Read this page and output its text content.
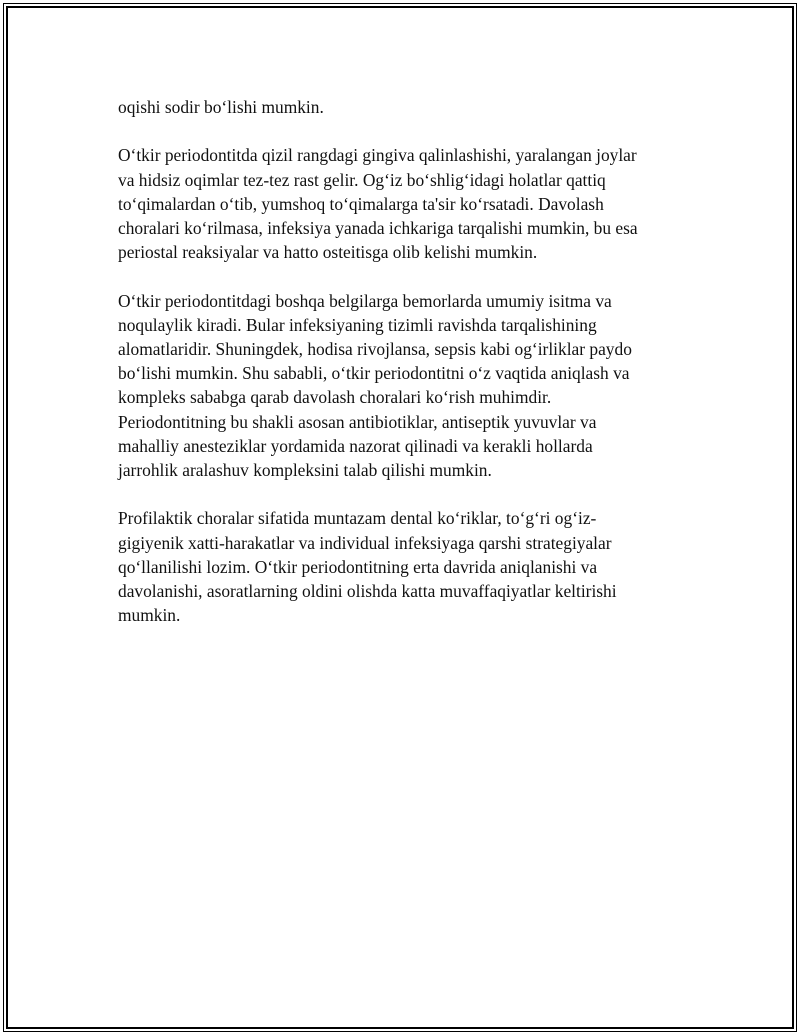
oqishi sodir bo‘lishi mumkin.

O‘tkir periodontitda qizil rangdagi gingiva qalinlashishi, yaralangan joylar
va hidsiz oqimlar tez-tez rast gelir. Og‘iz bo‘shlig‘idagi holatlar qattiq
to‘qimalardan o‘tib, yumshoq to‘qimalarga ta'sir ko‘rsatadi. Davolash
choralari ko‘rilmasa, infeksiya yanada ichkariga tarqalishi mumkin, bu esa
periostal reaksiyalar va hatto osteitisga olib kelishi mumkin.

O‘tkir periodontitdagi boshqa belgilarga bemorlarda umumiy isitma va
noqulaylik kiradi. Bular infeksiyaning tizimli ravishda tarqalishining
alomatlaridir. Shuningdek, hodisa rivojlansa, sepsis kabi og‘irliklar paydo
bo‘lishi mumkin. Shu sababli, o‘tkir periodontitni o‘z vaqtida aniqlash va
kompleks sababga qarab davolash choralari ko‘rish muhimdir.
Periodontitning bu shakli asosan antibiotiklar, antiseptik yuvuvlar va
mahalliy anesteziklar yordamida nazorat qilinadi va kerakli hollarda
jarrohlik aralashuv kompleksini talab qilishi mumkin.

Profilaktik choralar sifatida muntazam dental ko‘riklar, to‘g‘ri og‘iz-
gigiyenik xatti-harakatlar va individual infeksiyaga qarshi strategiyalar
qo‘llanilishi lozim. O‘tkir periodontitning erta davrida aniqlanishi va
davolanishi, asoratlarning oldini olishda katta muvaffaqiyatlar keltirishi
mumkin.
